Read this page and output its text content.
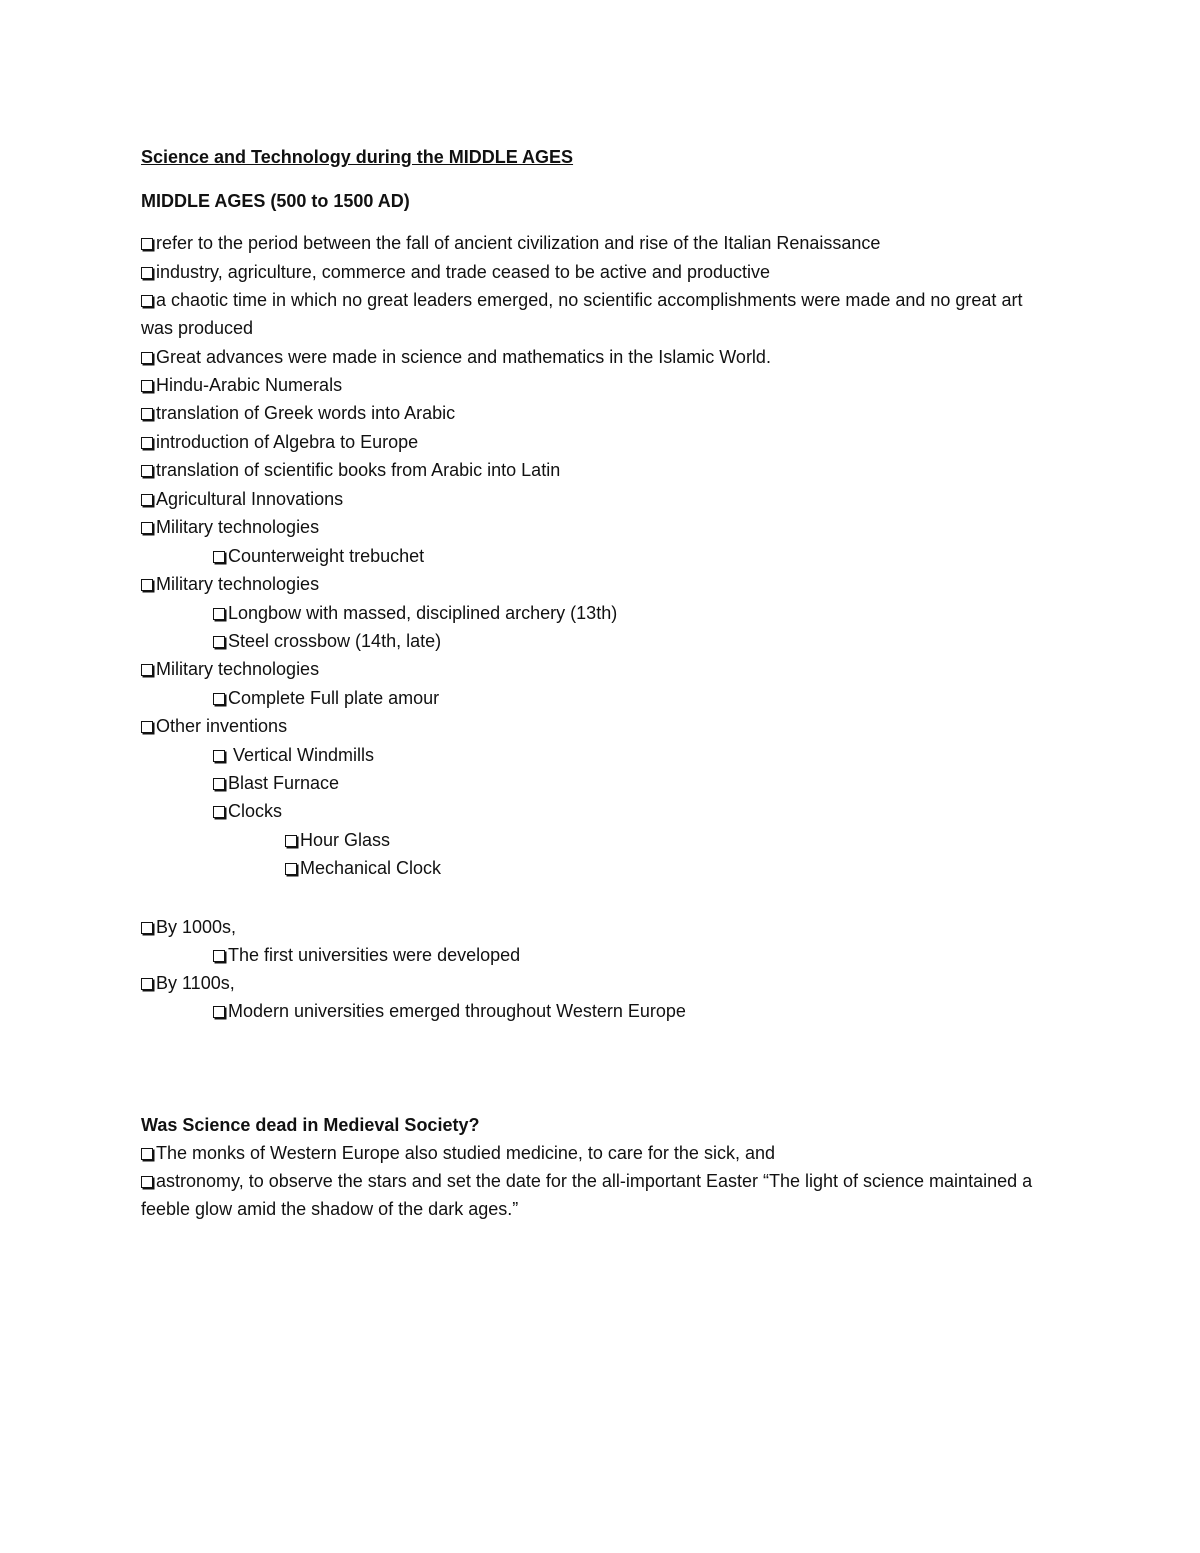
Science and Technology during the MIDDLE AGES
MIDDLE AGES (500 to 1500 AD)
refer to the period between the fall of ancient civilization and rise of the Italian Renaissance
industry, agriculture, commerce and trade ceased to be active and productive
a chaotic time in which no great leaders emerged, no scientific accomplishments were made and no great art was produced
Great advances were made in science and mathematics in the Islamic World.
Hindu-Arabic Numerals
translation of Greek words into Arabic
introduction of Algebra to Europe
translation of scientific books from Arabic into Latin
Agricultural Innovations
Military technologies
Counterweight trebuchet
Military technologies
Longbow with massed, disciplined archery (13th)
Steel crossbow (14th, late)
Military technologies
Complete Full plate amour
Other inventions
Vertical Windmills
Blast Furnace
Clocks
Hour Glass
Mechanical Clock
By 1000s,
The first universities were developed
By 1100s,
Modern universities emerged throughout Western Europe
Was Science dead in Medieval Society?
The monks of Western Europe also studied medicine, to care for the sick, and
astronomy, to observe the stars and set the date for the all-important Easter “The light of science maintained a feeble glow amid the shadow of the dark ages.”
